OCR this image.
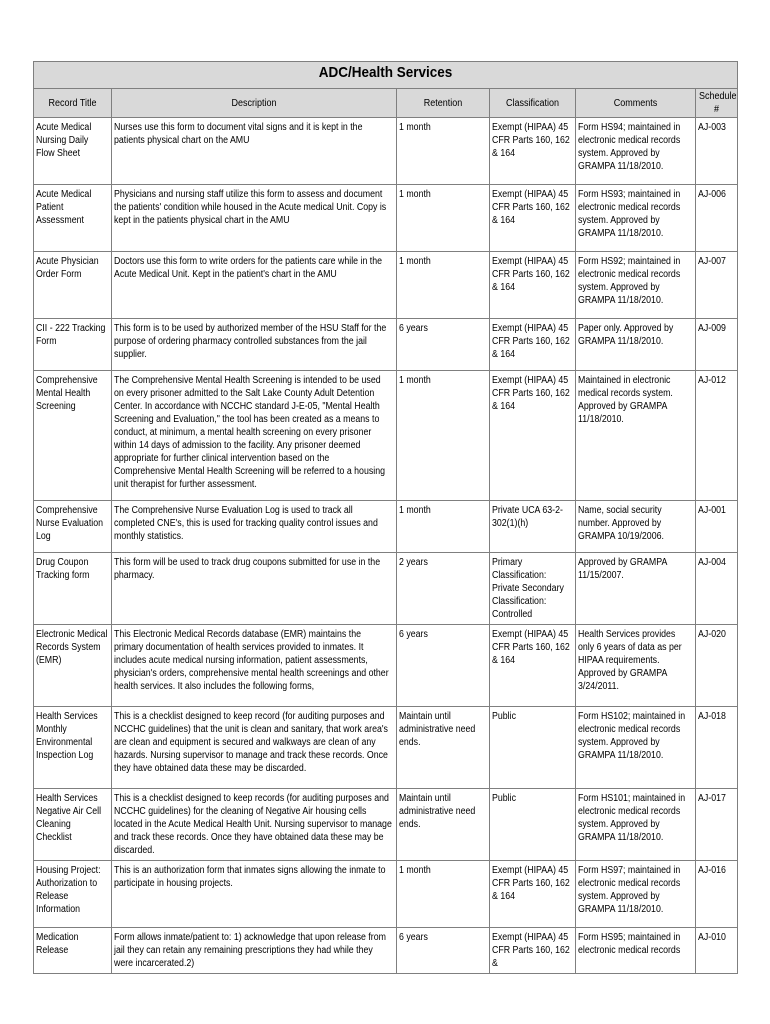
ADC/Health Services					

Record Title	Description	Retention	Classification	Comments	Schedule #

Acute Medical Nursing Daily Flow Sheet	Nurses use this form to document vital signs and it is kept in the patients physical chart on the AMU	1 month	Exempt (HIPAA) 45 CFR Parts 160, 162 & 164	Form HS94; maintained in electronic medical records system. Approved by GRAMPA 11/18/2010.	AJ-003

Acute Medical Patient Assessment	Physicians and nursing staff utilize this form to assess and document the patients' condition while housed in the Acute medical Unit. Copy is kept in the patients physical chart in the AMU	1 month	Exempt (HIPAA) 45 CFR Parts 160, 162 & 164	Form HS93; maintained in electronic medical records system. Approved by GRAMPA 11/18/2010.	AJ-006

Acute Physician Order Form	Doctors use this form to write orders for the patients care while in the Acute Medical Unit. Kept in the patient's chart in the AMU	1 month	Exempt (HIPAA) 45 CFR Parts 160, 162 & 164	Form HS92; maintained in electronic medical records system. Approved by GRAMPA 11/18/2010.	AJ-007

CII - 222 Tracking Form	This form is to be used by authorized member of the HSU Staff for the purpose of ordering pharmacy controlled substances from the jail supplier.	6 years	Exempt (HIPAA) 45 CFR Parts 160, 162 & 164	Paper only. Approved by GRAMPA 11/18/2010.	AJ-009

Comprehensive Mental Health Screening	The Comprehensive Mental Health Screening is intended to be used on every prisoner admitted to the Salt Lake County Adult Detention Center. In accordance with NCCHC standard J-E-05, "Mental Health Screening and Evaluation," the tool has been created as a means to conduct, at minimum, a mental health screening on every prisoner within 14 days of admission to the facility. Any prisoner deemed appropriate for further clinical intervention based on the Comprehensive Mental Health Screening will be referred to a housing unit therapist for further assessment.	1 month	Exempt (HIPAA) 45 CFR Parts 160, 162 & 164	Maintained in electronic medical records system. Approved by GRAMPA 11/18/2010.	AJ-012

Comprehensive Nurse Evaluation Log	The Comprehensive Nurse Evaluation Log is used to track all completed CNE's, this is used for tracking quality control issues and monthly statistics.	1 month	Private UCA 63-2-302(1)(h)	Name, social security number. Approved by GRAMPA 10/19/2006.	AJ-001

Drug Coupon Tracking form	This form will be used to track drug coupons submitted for use in the pharmacy.	2 years	Primary Classification: Private Secondary Classification: Controlled	Approved by GRAMPA 11/15/2007.	AJ-004

Electronic Medical Records System (EMR)	This Electronic Medical Records database (EMR) maintains the primary documentation of health services provided to inmates. It includes acute medical nursing information, patient assessments, physician's orders, comprehensive mental health screenings and other health services. It also includes the following forms,	6 years	Exempt (HIPAA) 45 CFR Parts 160, 162 & 164	Health Services provides only 6 years of data as per HIPAA requirements. Approved by GRAMPA 3/24/2011.	AJ-020

Health Services Monthly Environmental Inspection Log	This is a checklist designed to keep record (for auditing purposes and NCCHC guidelines) that the unit is clean and sanitary, that work area's are clean and equipment is secured and walkways are clean of any hazards. Nursing supervisor to manage and track these records. Once they have obtained data these may be discarded.	Maintain until administrative need ends.	Public	Form HS102; maintained in electronic medical records system. Approved by GRAMPA 11/18/2010.	AJ-018

Health Services Negative Air Cell Cleaning Checklist	This is a checklist designed to keep records (for auditing purposes and NCCHC guidelines) for the cleaning of Negative Air housing cells located in the Acute Medical Health Unit. Nursing supervisor to manage and track these records. Once they have obtained data these may be discarded.	Maintain until administrative need ends.	Public	Form HS101; maintained in electronic medical records system. Approved by GRAMPA 11/18/2010.	AJ-017

Housing Project: Authorization to Release Information	This is an authorization form that inmates signs allowing the inmate to participate in housing projects.	1 month	Exempt (HIPAA) 45 CFR Parts 160, 162 & 164	Form HS97; maintained in electronic medical records system. Approved by GRAMPA 11/18/2010.	AJ-016

Medication Release	Form allows inmate/patient to: 1) acknowledge that upon release from jail they can retain any remaining prescriptions they had while they were incarcerated.2)	6 years	Exempt (HIPAA) 45 CFR Parts 160, 162 &	Form HS95; maintained in electronic medical records	AJ-010
